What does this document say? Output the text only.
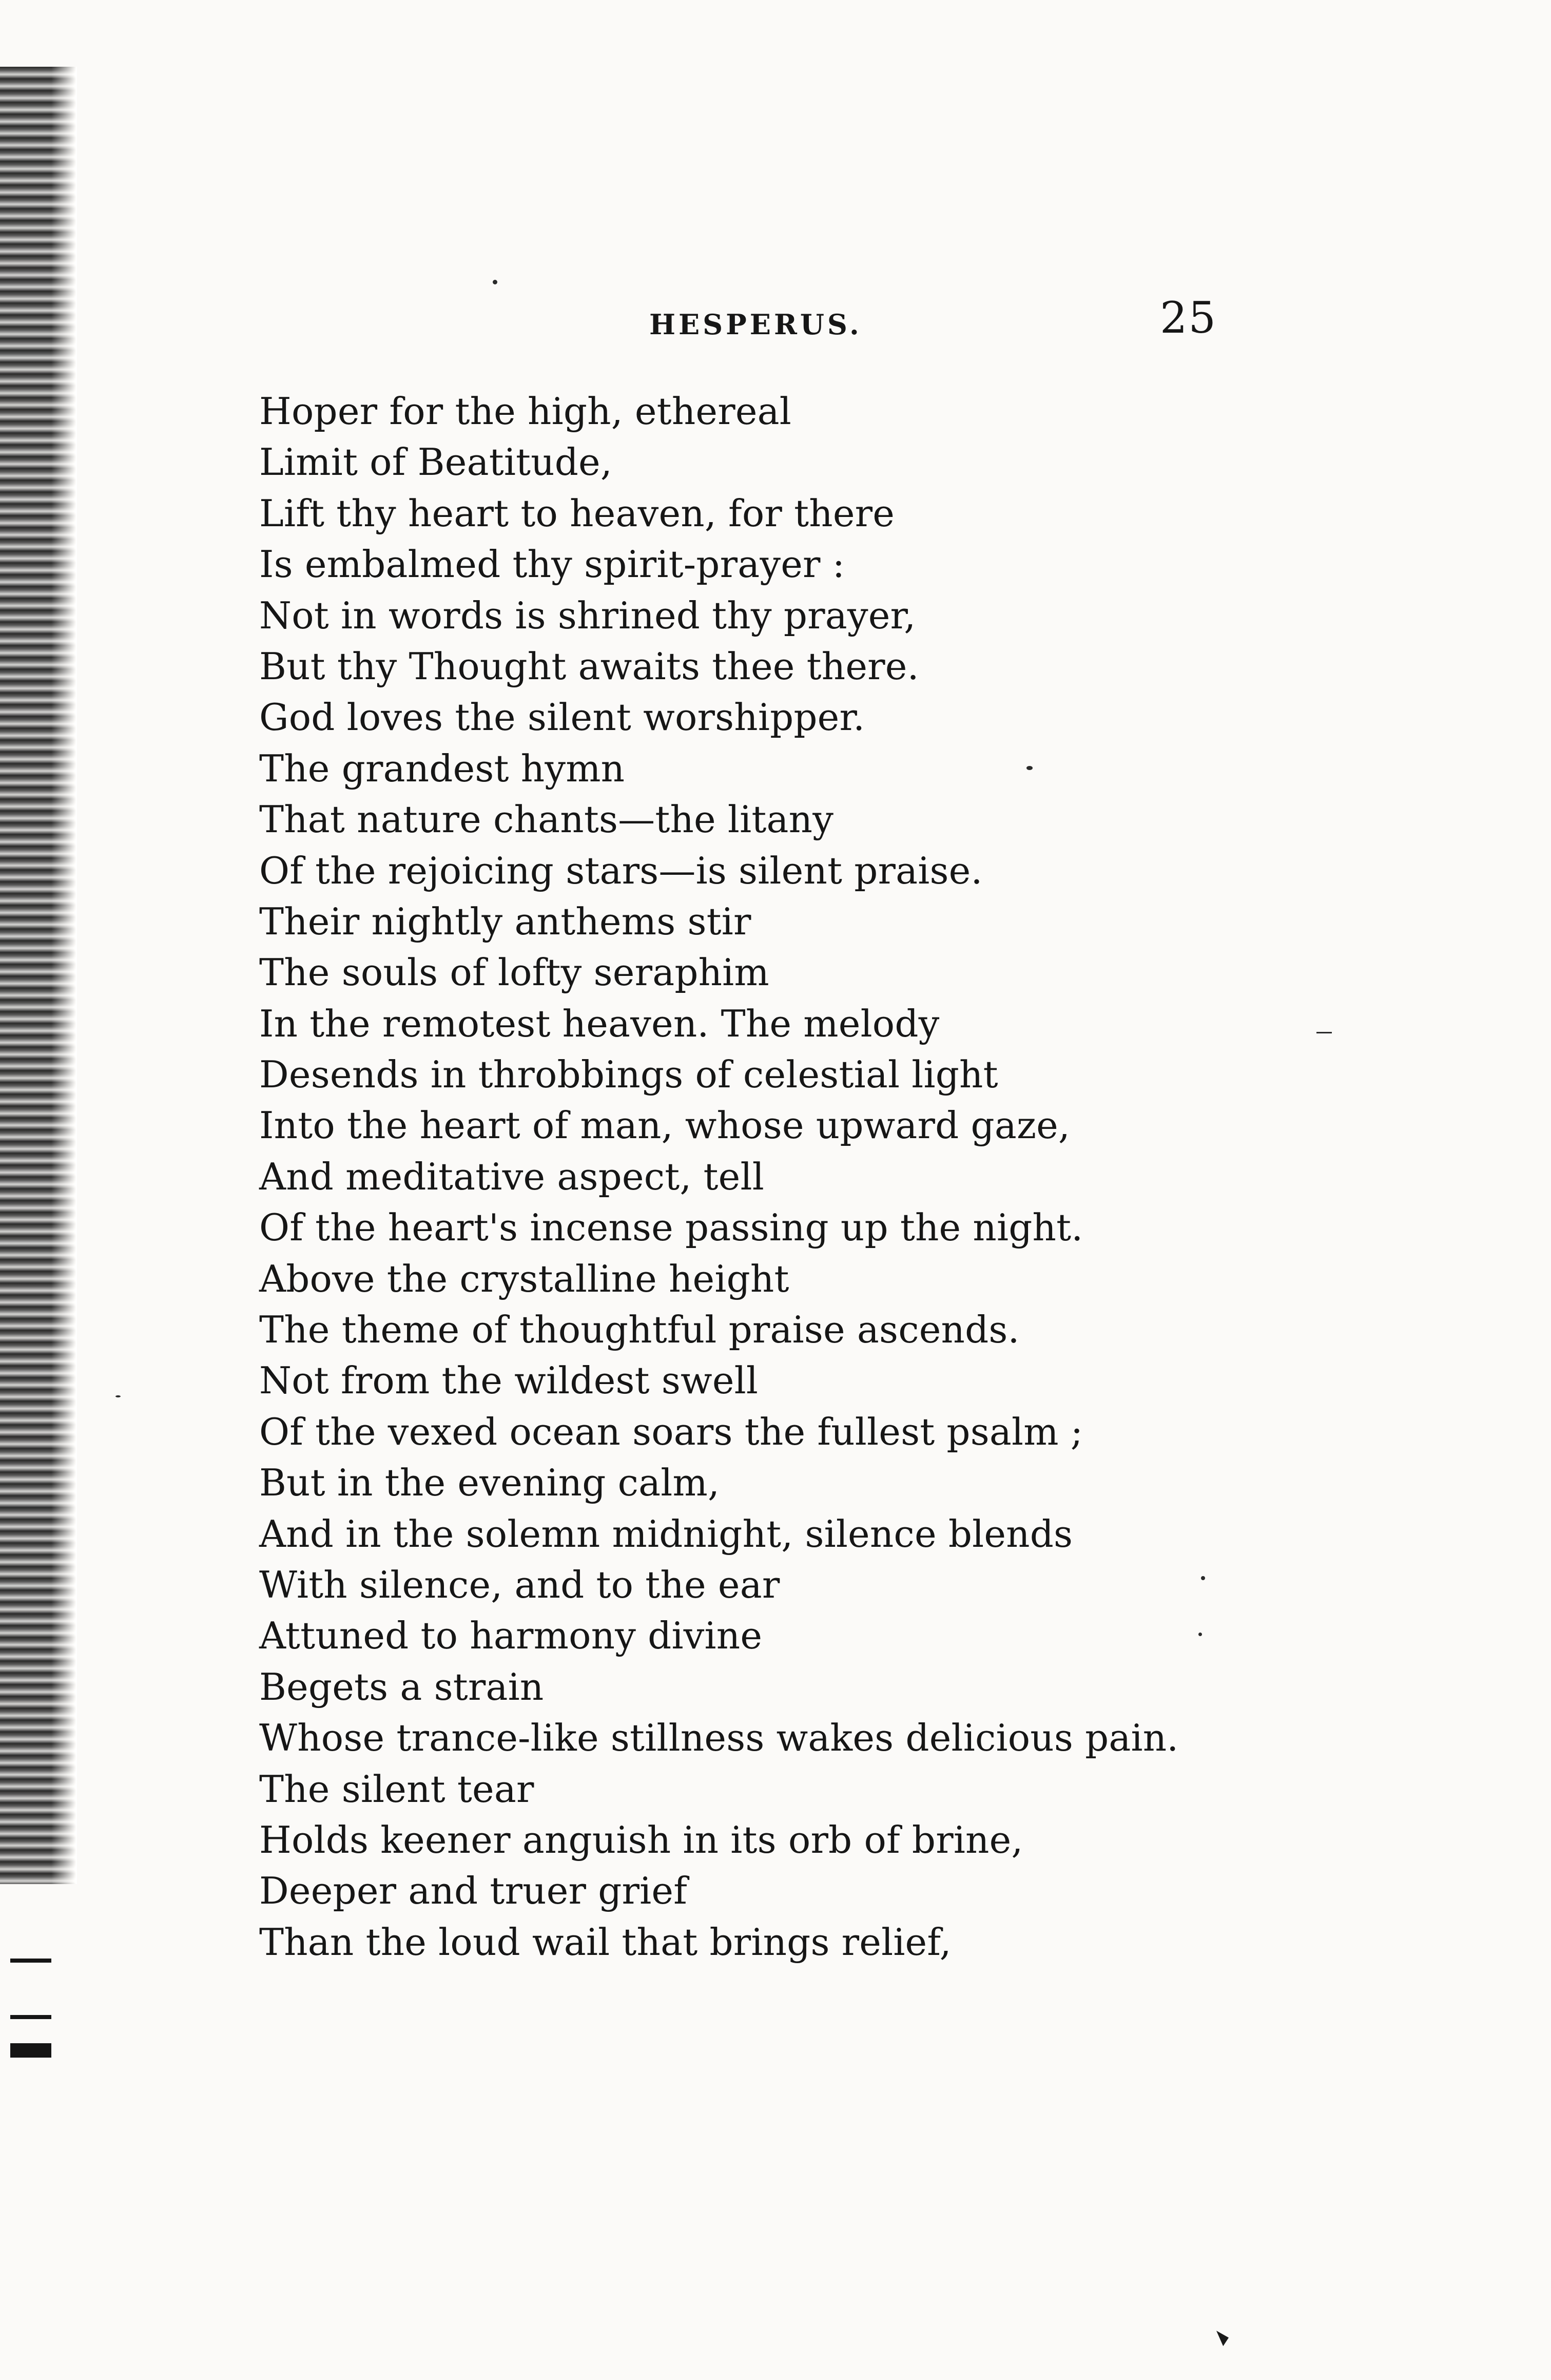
HESPERUS.	25
Hoper for the high, ethereal
Limit of Beatitude,
Lift thy heart to heaven, for there
Is embalmed thy spirit-prayer :
Not in words is shrined thy prayer,
But thy Thought awaits thee there.
God loves the silent worshipper.
The grandest hymn
That nature chants—the litany
Of the rejoicing stars—is silent praise.
Their nightly anthems stir
The souls of lofty seraphim
In the remotest heaven. The melody
Desends in throbbings of celestial light
Into the heart of man, whose upward gaze,
And meditative aspect, tell
Of the heart's incense passing up the night.
Above the crystalline height
The theme of thoughtful praise ascends.
Not from the wildest swell
Of the vexed ocean soars the fullest psalm ;
But in the evening calm,
And in the solemn midnight, silence blends
With silence, and to the ear
Attuned to harmony divine
Begets a strain
Whose trance-like stillness wakes delicious pain.
The silent tear
Holds keener anguish in its orb of brine,
Deeper and truer grief
Than the loud wail that brings relief,
